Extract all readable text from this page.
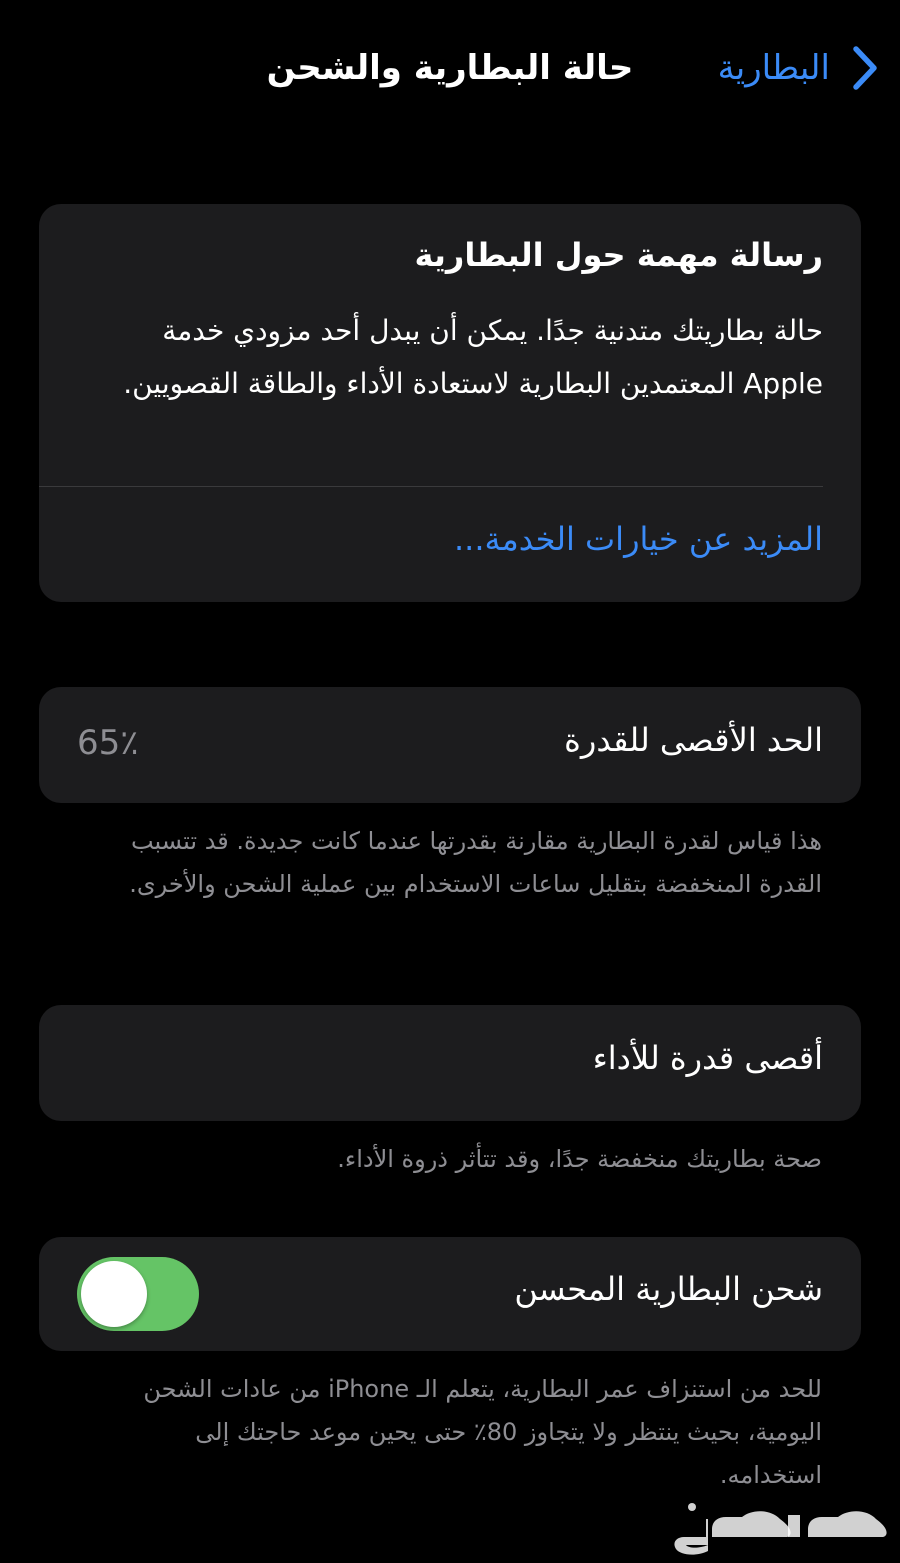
البطارية
حالة البطارية والشحن
رسالة مهمة حول البطارية
حالة بطاريتك متدنية جدًا. يمكن أن يبدل أحد مزودي خدمة Apple المعتمدين البطارية لاستعادة الأداء والطاقة القصويين.
المزيد عن خيارات الخدمة...
الحد الأقصى للقدرة
65٪
هذا قياس لقدرة البطارية مقارنة بقدرتها عندما كانت جديدة. قد تتسبب القدرة المنخفضة بتقليل ساعات الاستخدام بين عملية الشحن والأخرى.
أقصى قدرة للأداء
صحة بطاريتك منخفضة جدًا، وقد تتأثر ذروة الأداء.
شحن البطارية المحسن
للحد من استنزاف عمر البطارية، يتعلم الـ iPhone من عادات الشحن اليومية، بحيث ينتظر ولا يتجاوز 80٪ حتى يحين موعد حاجتك إلى استخدامه.
